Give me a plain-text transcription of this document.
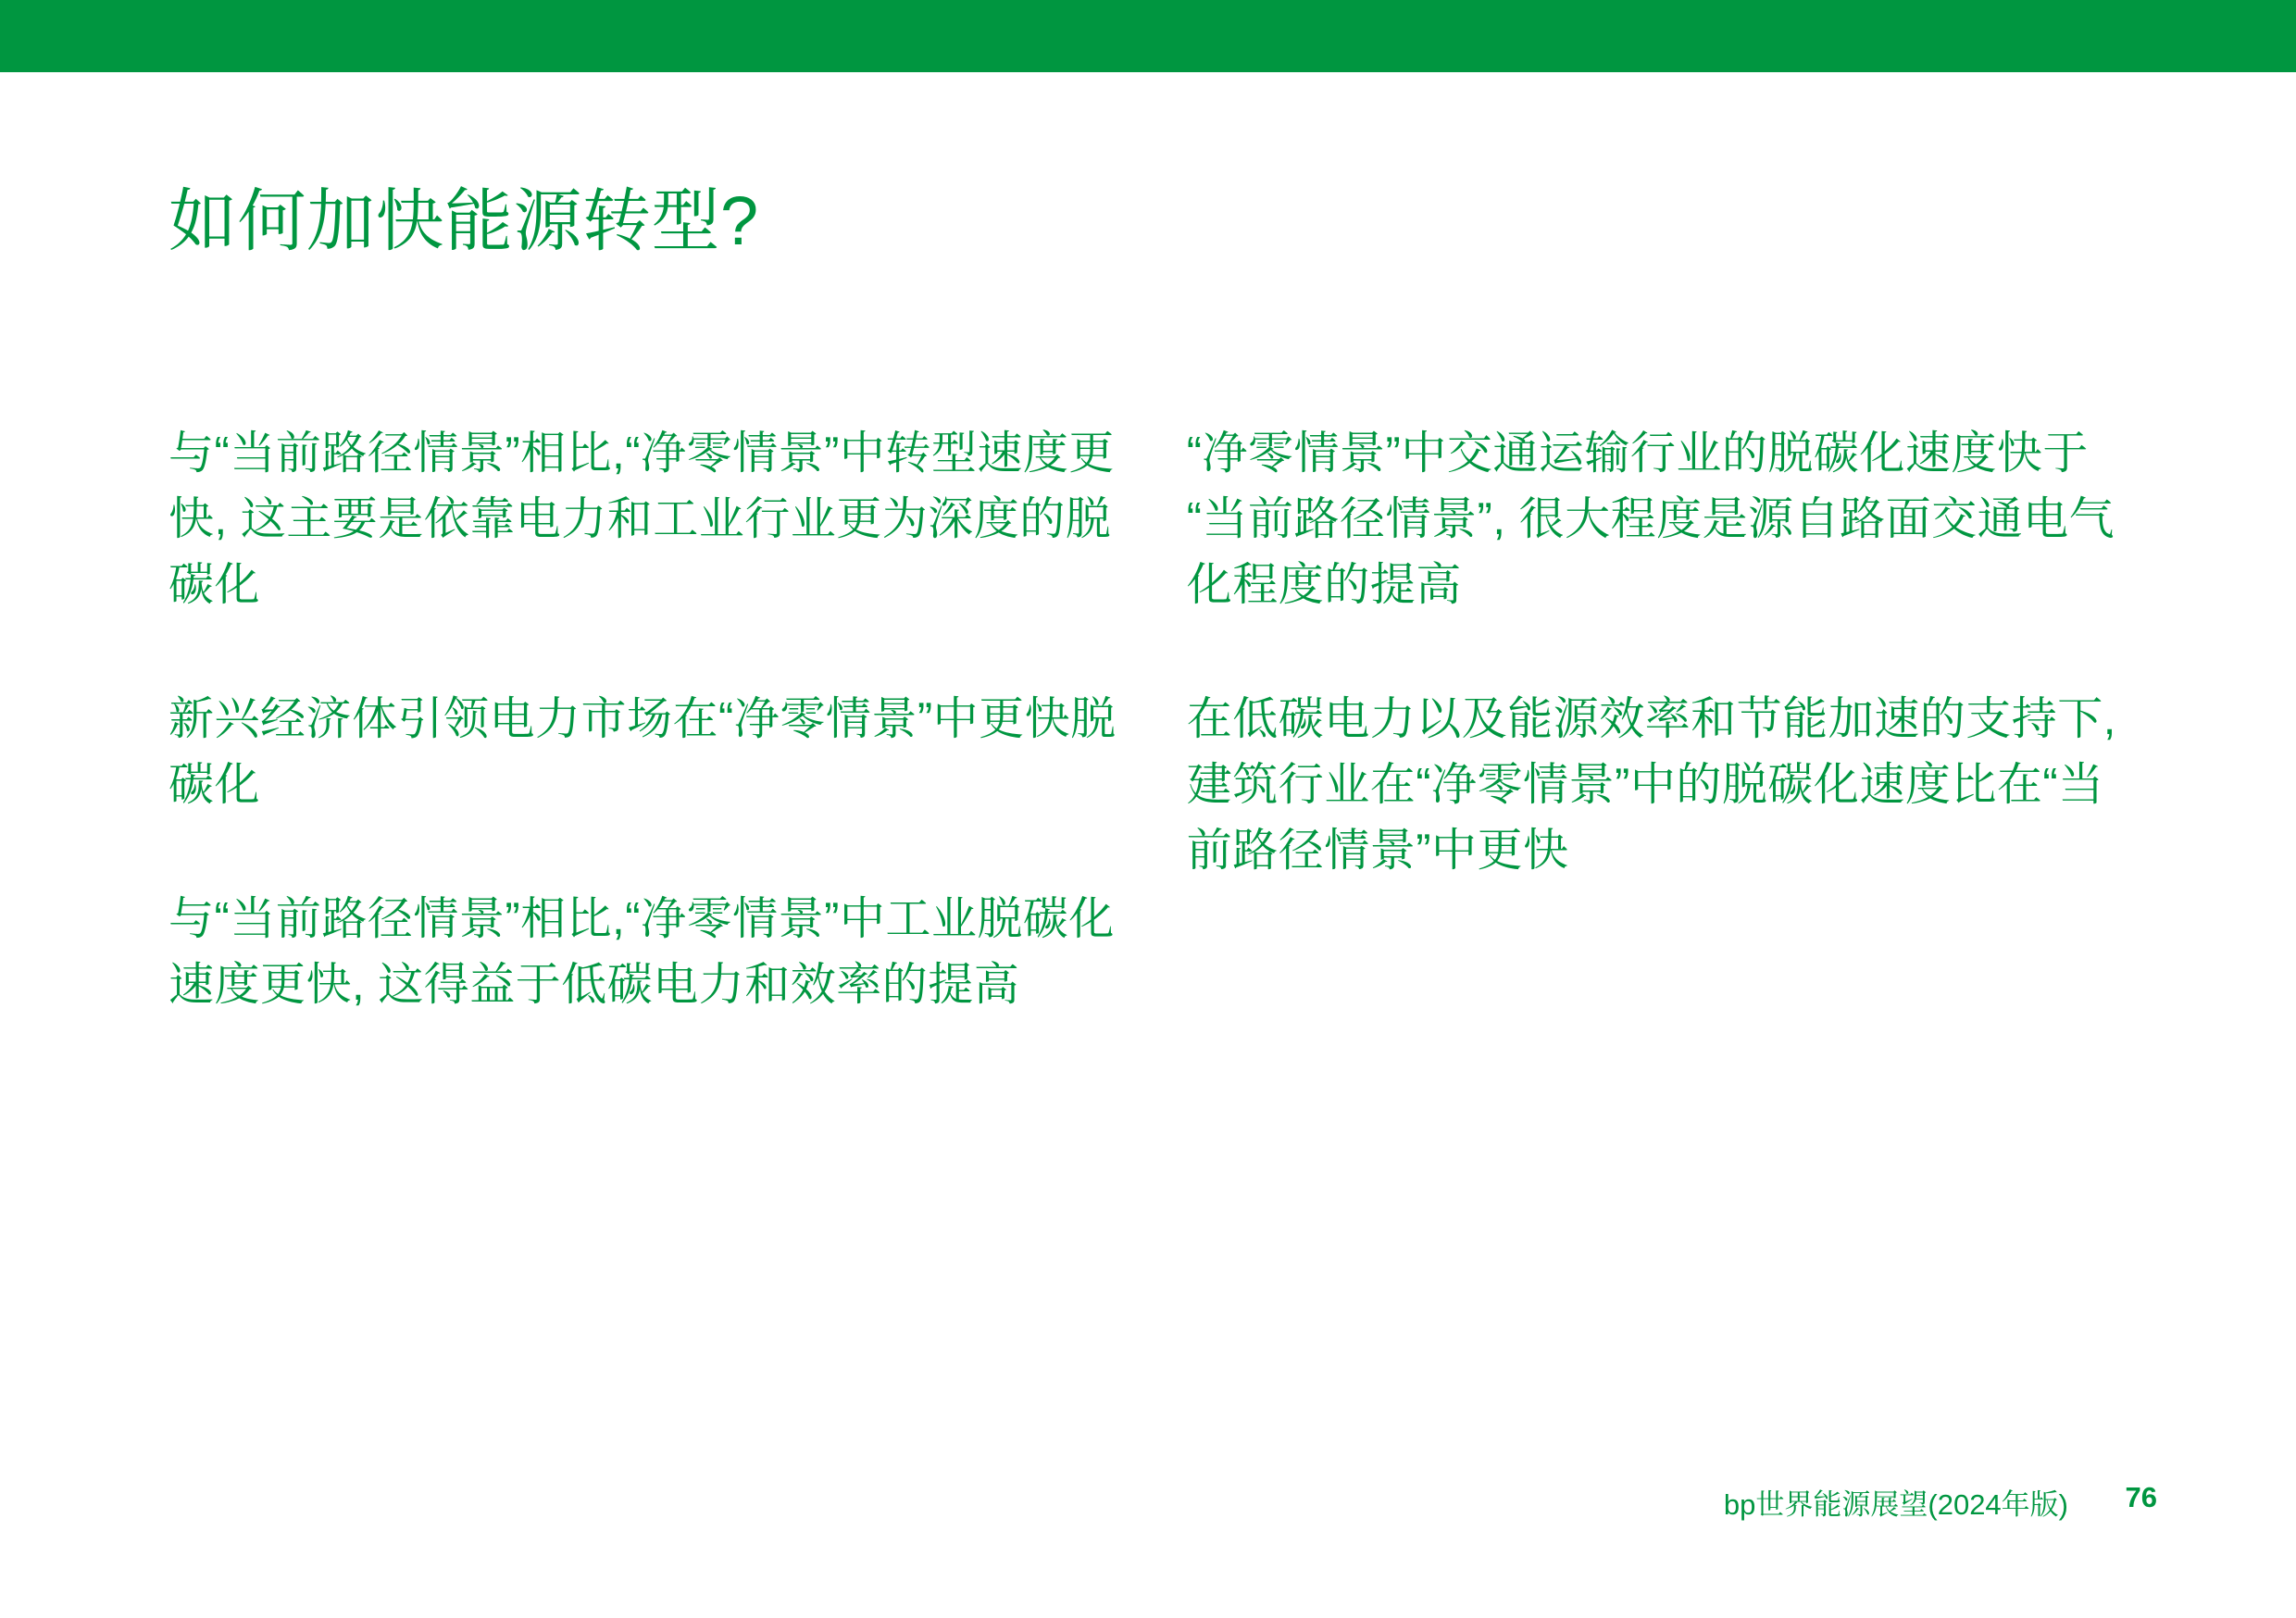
如何加快能源转型?

与“当前路径情景”相比,“净零情景”中转型速度更快, 这主要是依靠电力和工业行业更为深度的脱碳化

新兴经济体引领电力市场在“净零情景”中更快脱碳化

与“当前路径情景”相比,“净零情景”中工业脱碳化速度更快, 这得益于低碳电力和效率的提高

“净零情景”中交通运输行业的脱碳化速度快于“当前路径情景”, 很大程度是源自路面交通电气化程度的提高

在低碳电力以及能源效率和节能加速的支持下, 建筑行业在“净零情景”中的脱碳化速度比在“当前路径情景”中更快

bp世界能源展望(2024年版) 76
